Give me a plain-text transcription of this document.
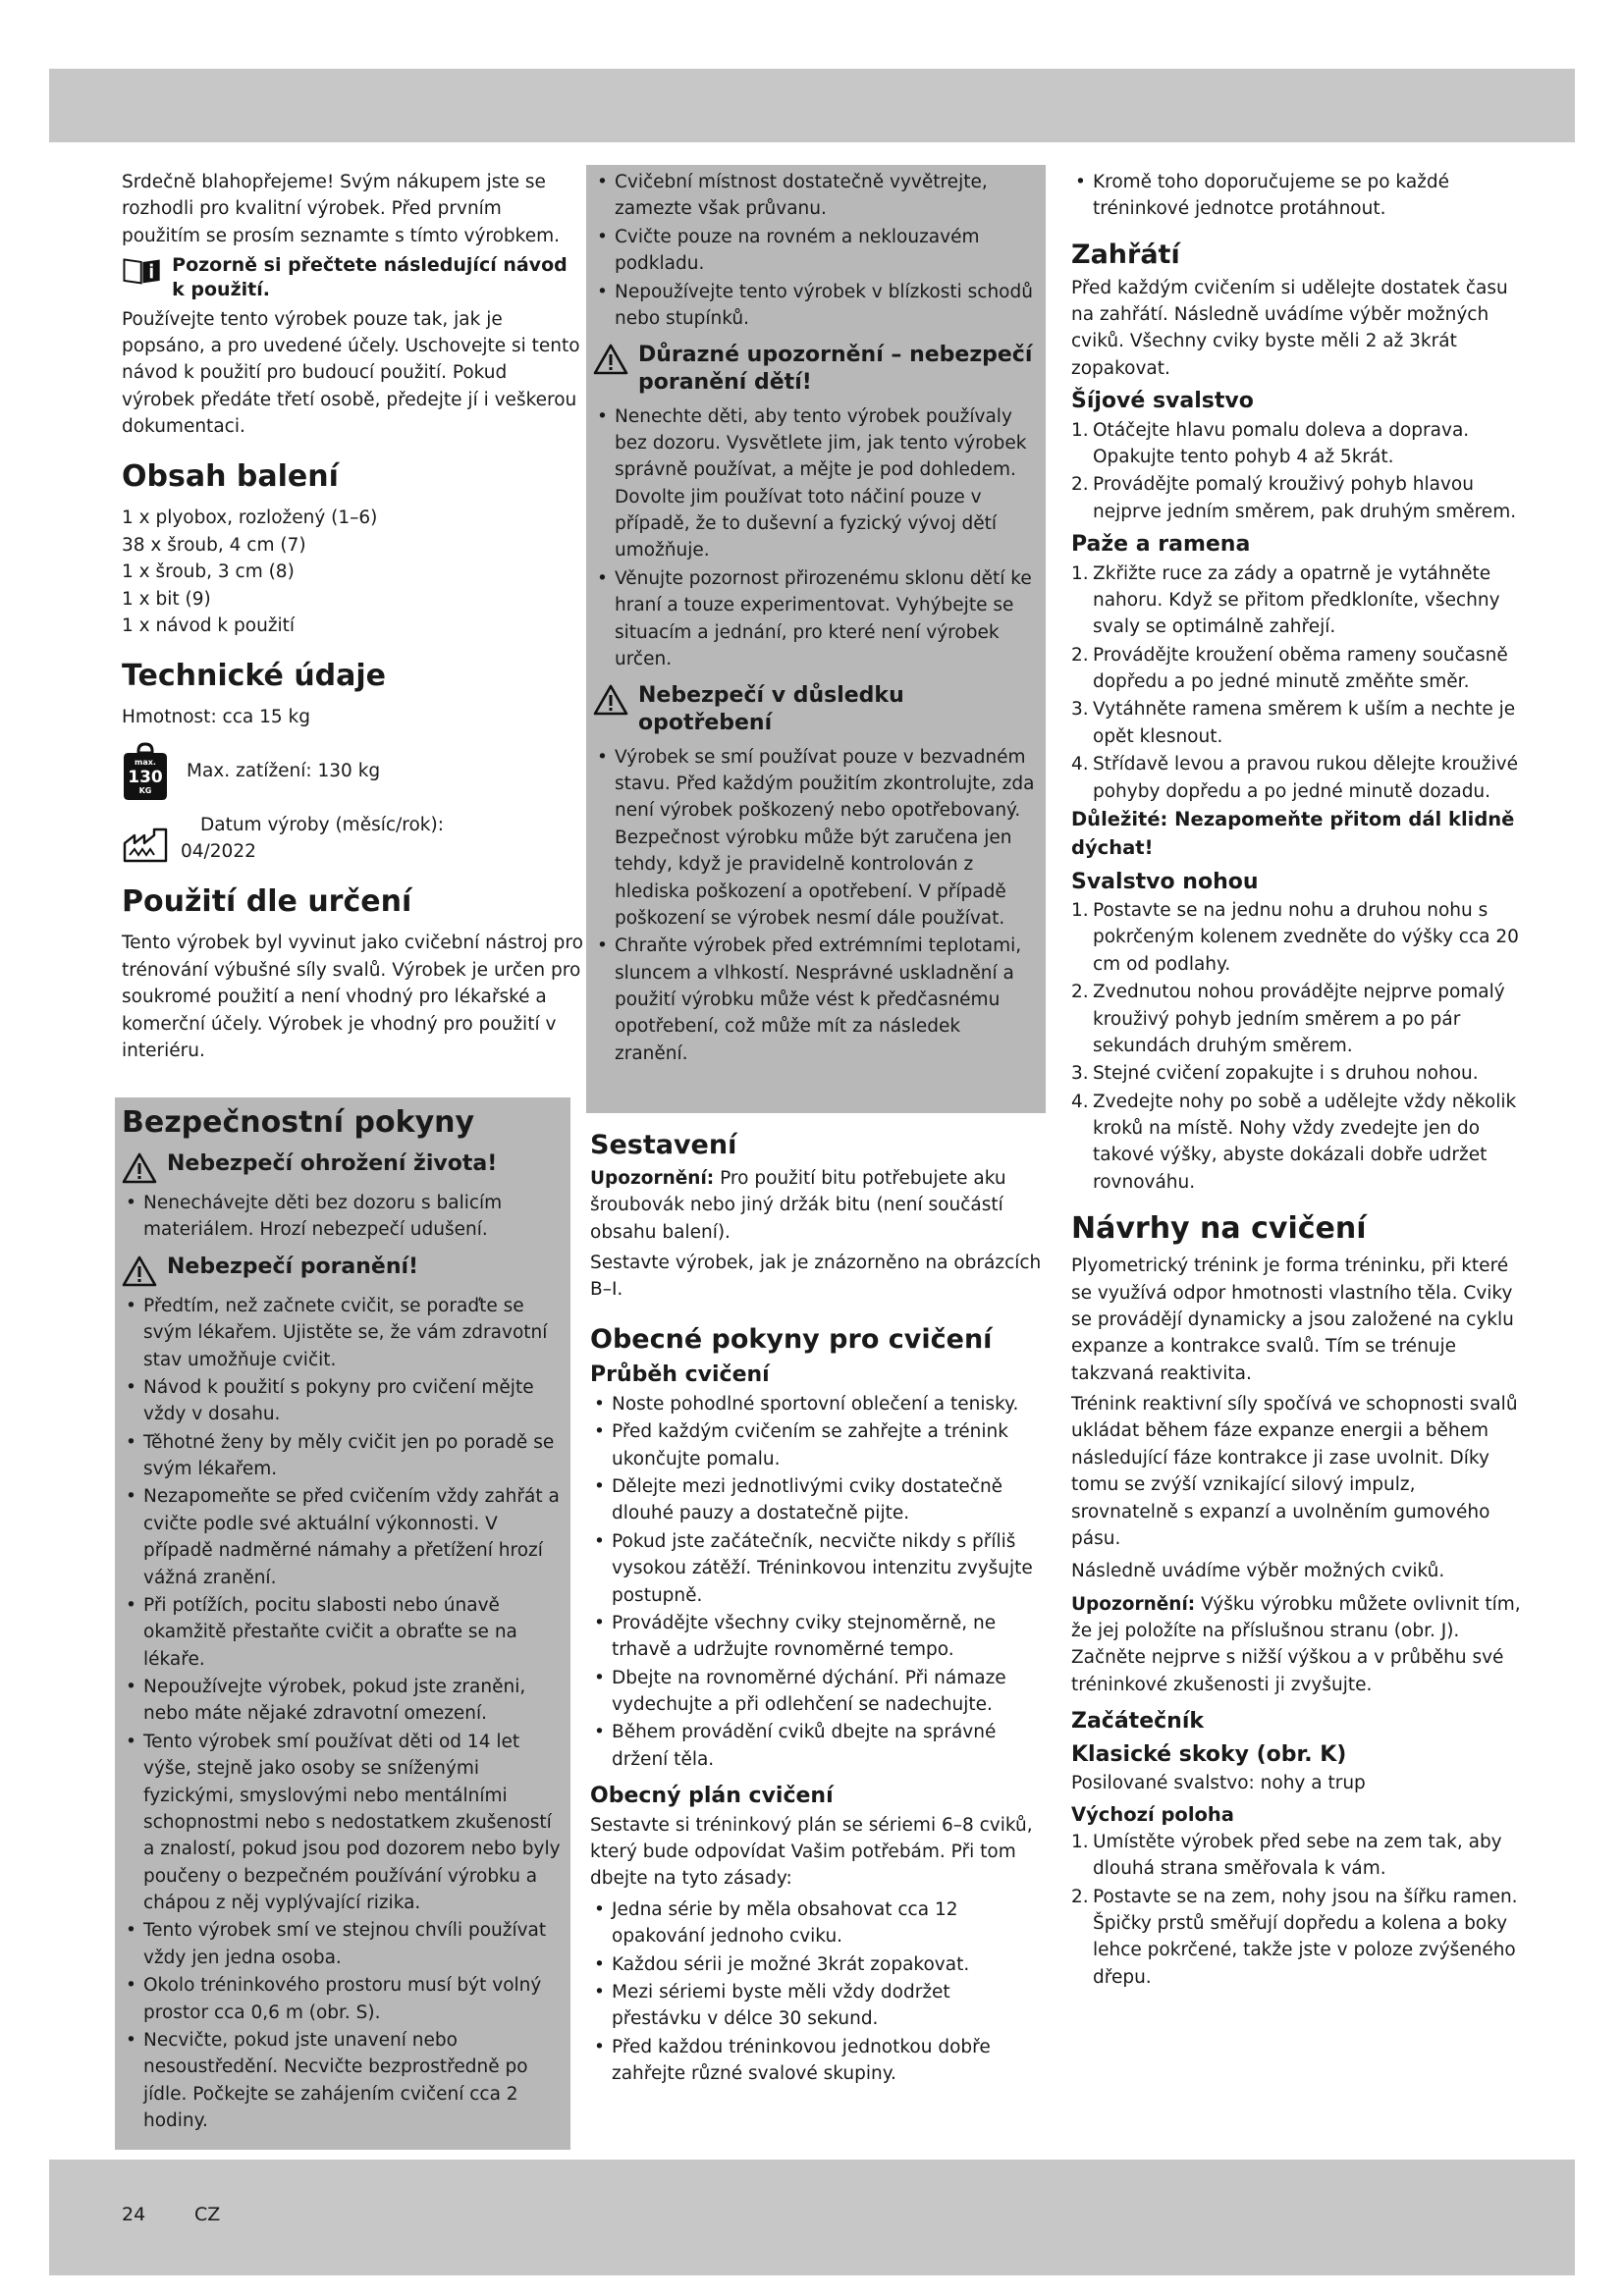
24	CZ

Srdečně blahopřejeme! Svým nákupem jste se rozhodli pro kvalitní výrobek. Před prvním použitím se prosím seznamte s tímto výrobkem.

Pozorně si přečtete následující návod k použití.

Používejte tento výrobek pouze tak, jak je popsáno, a pro uvedené účely. Uschovejte si tento návod k použití pro budoucí použití. Pokud výrobek předáte třetí osobě, předejte jí i veškerou dokumentaci.

Obsah balení
1 x plyobox, rozložený (1–6)
38 x šroub, 4 cm (7)
1 x šroub, 3 cm (8)
1 x bit (9)
1 x návod k použití
Technické údaje

Hmotnost: cca 15 kg

max.
130
KG
Max. zatížení: 130 kg
Datum výroby (měsíc/rok):
04/2022
Použití dle určení

Tento výrobek byl vyvinut jako cvičební nástroj pro trénování výbušné síly svalů. Výrobek je určen pro soukromé použití a není vhodný pro lékařské a komerční účely. Výrobek je vhodný pro použití v interiéru.

Bezpečnostní pokyny
Nebezpečí ohrožení života!
• Nenechávejte děti bez dozoru s balicím materiálem. Hrozí nebezpečí udušení.
Nebezpečí poranění!
• Předtím, než začnete cvičit, se poraďte se svým lékařem. Ujistěte se, že vám zdravotní stav umožňuje cvičit.
• Návod k použití s pokyny pro cvičení mějte vždy v dosahu.
• Těhotné ženy by měly cvičit jen po poradě se svým lékařem.
• Nezapomeňte se před cvičením vždy zahřát a cvičte podle své aktuální výkonnosti. V případě nadměrné námahy a přetížení hrozí vážná zranění.
• Při potížích, pocitu slabosti nebo únavě okamžitě přestaňte cvičit a obraťte se na lékaře.
• Nepoužívejte výrobek, pokud jste zraněni, nebo máte nějaké zdravotní omezení.
• Tento výrobek smí používat děti od 14 let výše, stejně jako osoby se sníženými fyzickými, smyslovými nebo mentálními schopnostmi nebo s nedostatkem zkušeností a znalostí, pokud jsou pod dozorem nebo byly poučeny o bezpečném používání výrobku a chápou z něj vyplývající rizika.
• Tento výrobek smí ve stejnou chvíli používat vždy jen jedna osoba.
• Okolo tréninkového prostoru musí být volný prostor cca 0,6 m (obr. S).
• Necvičte, pokud jste unavení nebo nesoustředění. Necvičte bezprostředně po jídle. Počkejte se zahájením cvičení cca 2 hodiny.
• Cvičební místnost dostatečně vyvětrejte, zamezte však průvanu.
• Cvičte pouze na rovném a neklouzavém podkladu.
• Nepoužívejte tento výrobek v blízkosti schodů nebo stupínků.
Důrazné upozornění – nebezpečí poranění dětí!
• Nenechte děti, aby tento výrobek používaly bez dozoru. Vysvětlete jim, jak tento výrobek správně používat, a mějte je pod dohledem. Dovolte jim používat toto náčiní pouze v případě, že to duševní a fyzický vývoj dětí umožňuje.
• Věnujte pozornost přirozenému sklonu dětí ke hraní a touze experimentovat. Vyhýbejte se situacím a jednání, pro které není výrobek určen.
Nebezpečí v důsledku opotřebení
• Výrobek se smí používat pouze v bezvadném stavu. Před každým použitím zkontrolujte, zda není výrobek poškozený nebo opotřebovaný. Bezpečnost výrobku může být zaručena jen tehdy, když je pravidelně kontrolován z hlediska poškození a opotřebení. V případě poškození se výrobek nesmí dále používat.
• Chraňte výrobek před extrémními teplotami, sluncem a vlhkostí. Nesprávné uskladnění a použití výrobku může vést k předčasnému opotřebení, což může mít za následek zranění.
Sestavení

Upozornění: Pro použití bitu potřebujete aku šroubovák nebo jiný držák bitu (není součástí obsahu balení).

Sestavte výrobek, jak je znázorněno na obrázcích B–I.

Obecné pokyny pro cvičení
Průběh cvičení
• Noste pohodlné sportovní oblečení a tenisky.
• Před každým cvičením se zahřejte a trénink ukončujte pomalu.
• Dělejte mezi jednotlivými cviky dostatečně dlouhé pauzy a dostatečně pijte.
• Pokud jste začátečník, necvičte nikdy s příliš vysokou zátěží. Tréninkovou intenzitu zvyšujte postupně.
• Provádějte všechny cviky stejnoměrně, ne trhavě a udržujte rovnoměrné tempo.
• Dbejte na rovnoměrné dýchání. Při námaze vydechujte a při odlehčení se nadechujte.
• Během provádění cviků dbejte na správné držení těla.
Obecný plán cvičení

Sestavte si tréninkový plán se sériemi 6–8 cviků, který bude odpovídat Vašim potřebám. Při tom dbejte na tyto zásady:

• Jedna série by měla obsahovat cca 12 opakování jednoho cviku.
• Každou sérii je možné 3krát zopakovat.
• Mezi sériemi byste měli vždy dodržet přestávku v délce 30 sekund.
• Před každou tréninkovou jednotkou dobře zahřejte různé svalové skupiny.
• Kromě toho doporučujeme se po každé tréninkové jednotce protáhnout.
Zahřátí

Před každým cvičením si udělejte dostatek času na zahřátí. Následně uvádíme výběr možných cviků. Všechny cviky byste měli 2 až 3krát zopakovat.

Šíjové svalstvo
1. Otáčejte hlavu pomalu doleva a doprava. Opakujte tento pohyb 4 až 5krát.
2. Provádějte pomalý krouživý pohyb hlavou nejprve jedním směrem, pak druhým směrem.
Paže a ramena
1. Zkřižte ruce za zády a opatrně je vytáhněte nahoru. Když se přitom předkloníte, všechny svaly se optimálně zahřejí.
2. Provádějte kroužení oběma rameny současně dopředu a po jedné minutě změňte směr.
3. Vytáhněte ramena směrem k uším a nechte je opět klesnout.
4. Střídavě levou a pravou rukou dělejte krouživé pohyby dopředu a po jedné minutě dozadu.

Důležité: Nezapomeňte přitom dál klidně dýchat!

Svalstvo nohou
1. Postavte se na jednu nohu a druhou nohu s pokrčeným kolenem zvedněte do výšky cca 20 cm od podlahy.
2. Zvednutou nohou provádějte nejprve pomalý krouživý pohyb jedním směrem a po pár sekundách druhým směrem.
3. Stejné cvičení zopakujte i s druhou nohou.
4. Zvedejte nohy po sobě a udělejte vždy několik kroků na místě. Nohy vždy zvedejte jen do takové výšky, abyste dokázali dobře udržet rovnováhu.
Návrhy na cvičení

Plyometrický trénink je forma tréninku, při které se využívá odpor hmotnosti vlastního těla. Cviky se provádějí dynamicky a jsou založené na cyklu expanze a kontrakce svalů. Tím se trénuje takzvaná reaktivita.

Trénink reaktivní síly spočívá ve schopnosti svalů ukládat během fáze expanze energii a během následující fáze kontrakce ji zase uvolnit. Díky tomu se zvýší vznikající silový impulz, srovnatelně s expanzí a uvolněním gumového pásu.

Následně uvádíme výběr možných cviků.

Upozornění: Výšku výrobku můžete ovlivnit tím, že jej položíte na příslušnou stranu (obr. J). Začněte nejprve s nižší výškou a v průběhu své tréninkové zkušenosti ji zvyšujte.

Začátečník
Klasické skoky (obr. K)

Posilované svalstvo: nohy a trup

Výchozí poloha
1. Umístěte výrobek před sebe na zem tak, aby dlouhá strana směřovala k vám.
2. Postavte se na zem, nohy jsou na šířku ramen. Špičky prstů směřují dopředu a kolena a boky lehce pokrčené, takže jste v poloze zvýšeného dřepu.
